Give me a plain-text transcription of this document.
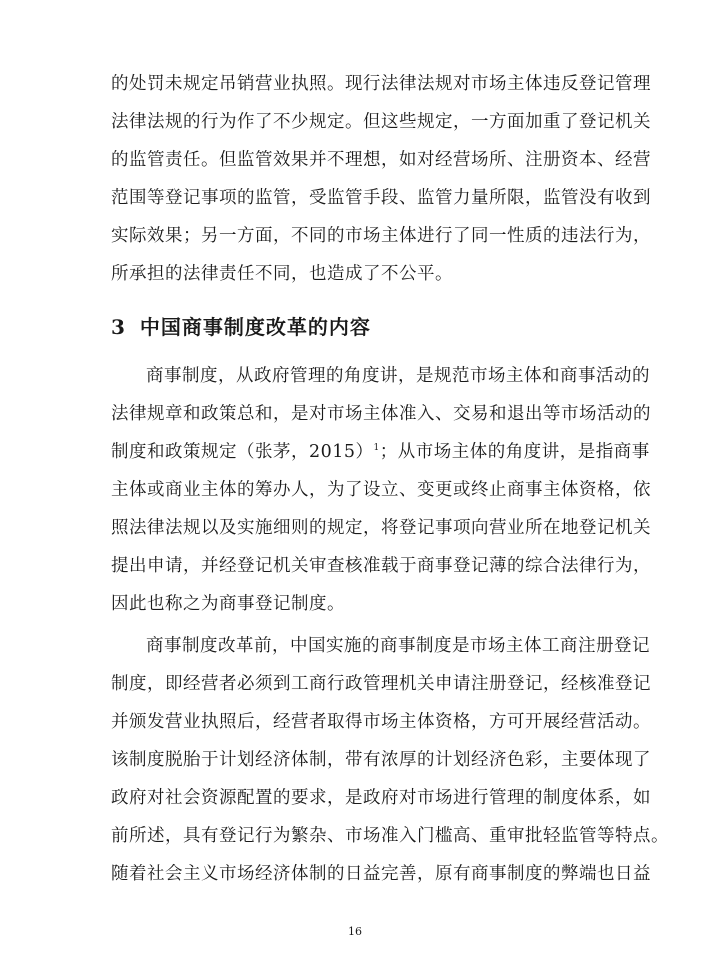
的处罚未规定吊销营业执照。现行法律法规对市场主体违反登记管理
法律法规的行为作了不少规定。但这些规定，一方面加重了登记机关
的监管责任。但监管效果并不理想，如对经营场所、注册资本、经营
范围等登记事项的监管，受监管手段、监管力量所限，监管没有收到
实际效果；另一方面，不同的市场主体进行了同一性质的违法行为，
所承担的法律责任不同，也造成了不公平。
3 中国商事制度改革的内容
商事制度，从政府管理的角度讲，是规范市场主体和商事活动的
法律规章和政策总和，是对市场主体准入、交易和退出等市场活动的
制度和政策规定（张茅，2015）$^1$；从市场主体的角度讲，是指商事
主体或商业主体的筹办人，为了设立、变更或终止商事主体资格，依
照法律法规以及实施细则的规定，将登记事项向营业所在地登记机关
提出申请，并经登记机关审查核准载于商事登记薄的综合法律行为，
因此也称之为商事登记制度。
商事制度改革前，中国实施的商事制度是市场主体工商注册登记
制度，即经营者必须到工商行政管理机关申请注册登记，经核准登记
并颁发营业执照后，经营者取得市场主体资格，方可开展经营活动。
该制度脱胎于计划经济体制，带有浓厚的计划经济色彩，主要体现了
政府对社会资源配置的要求，是政府对市场进行管理的制度体系，如
前所述，具有登记行为繁杂、市场准入门槛高、重审批轻监管等特点。
随着社会主义市场经济体制的日益完善，原有商事制度的弊端也日益
16
